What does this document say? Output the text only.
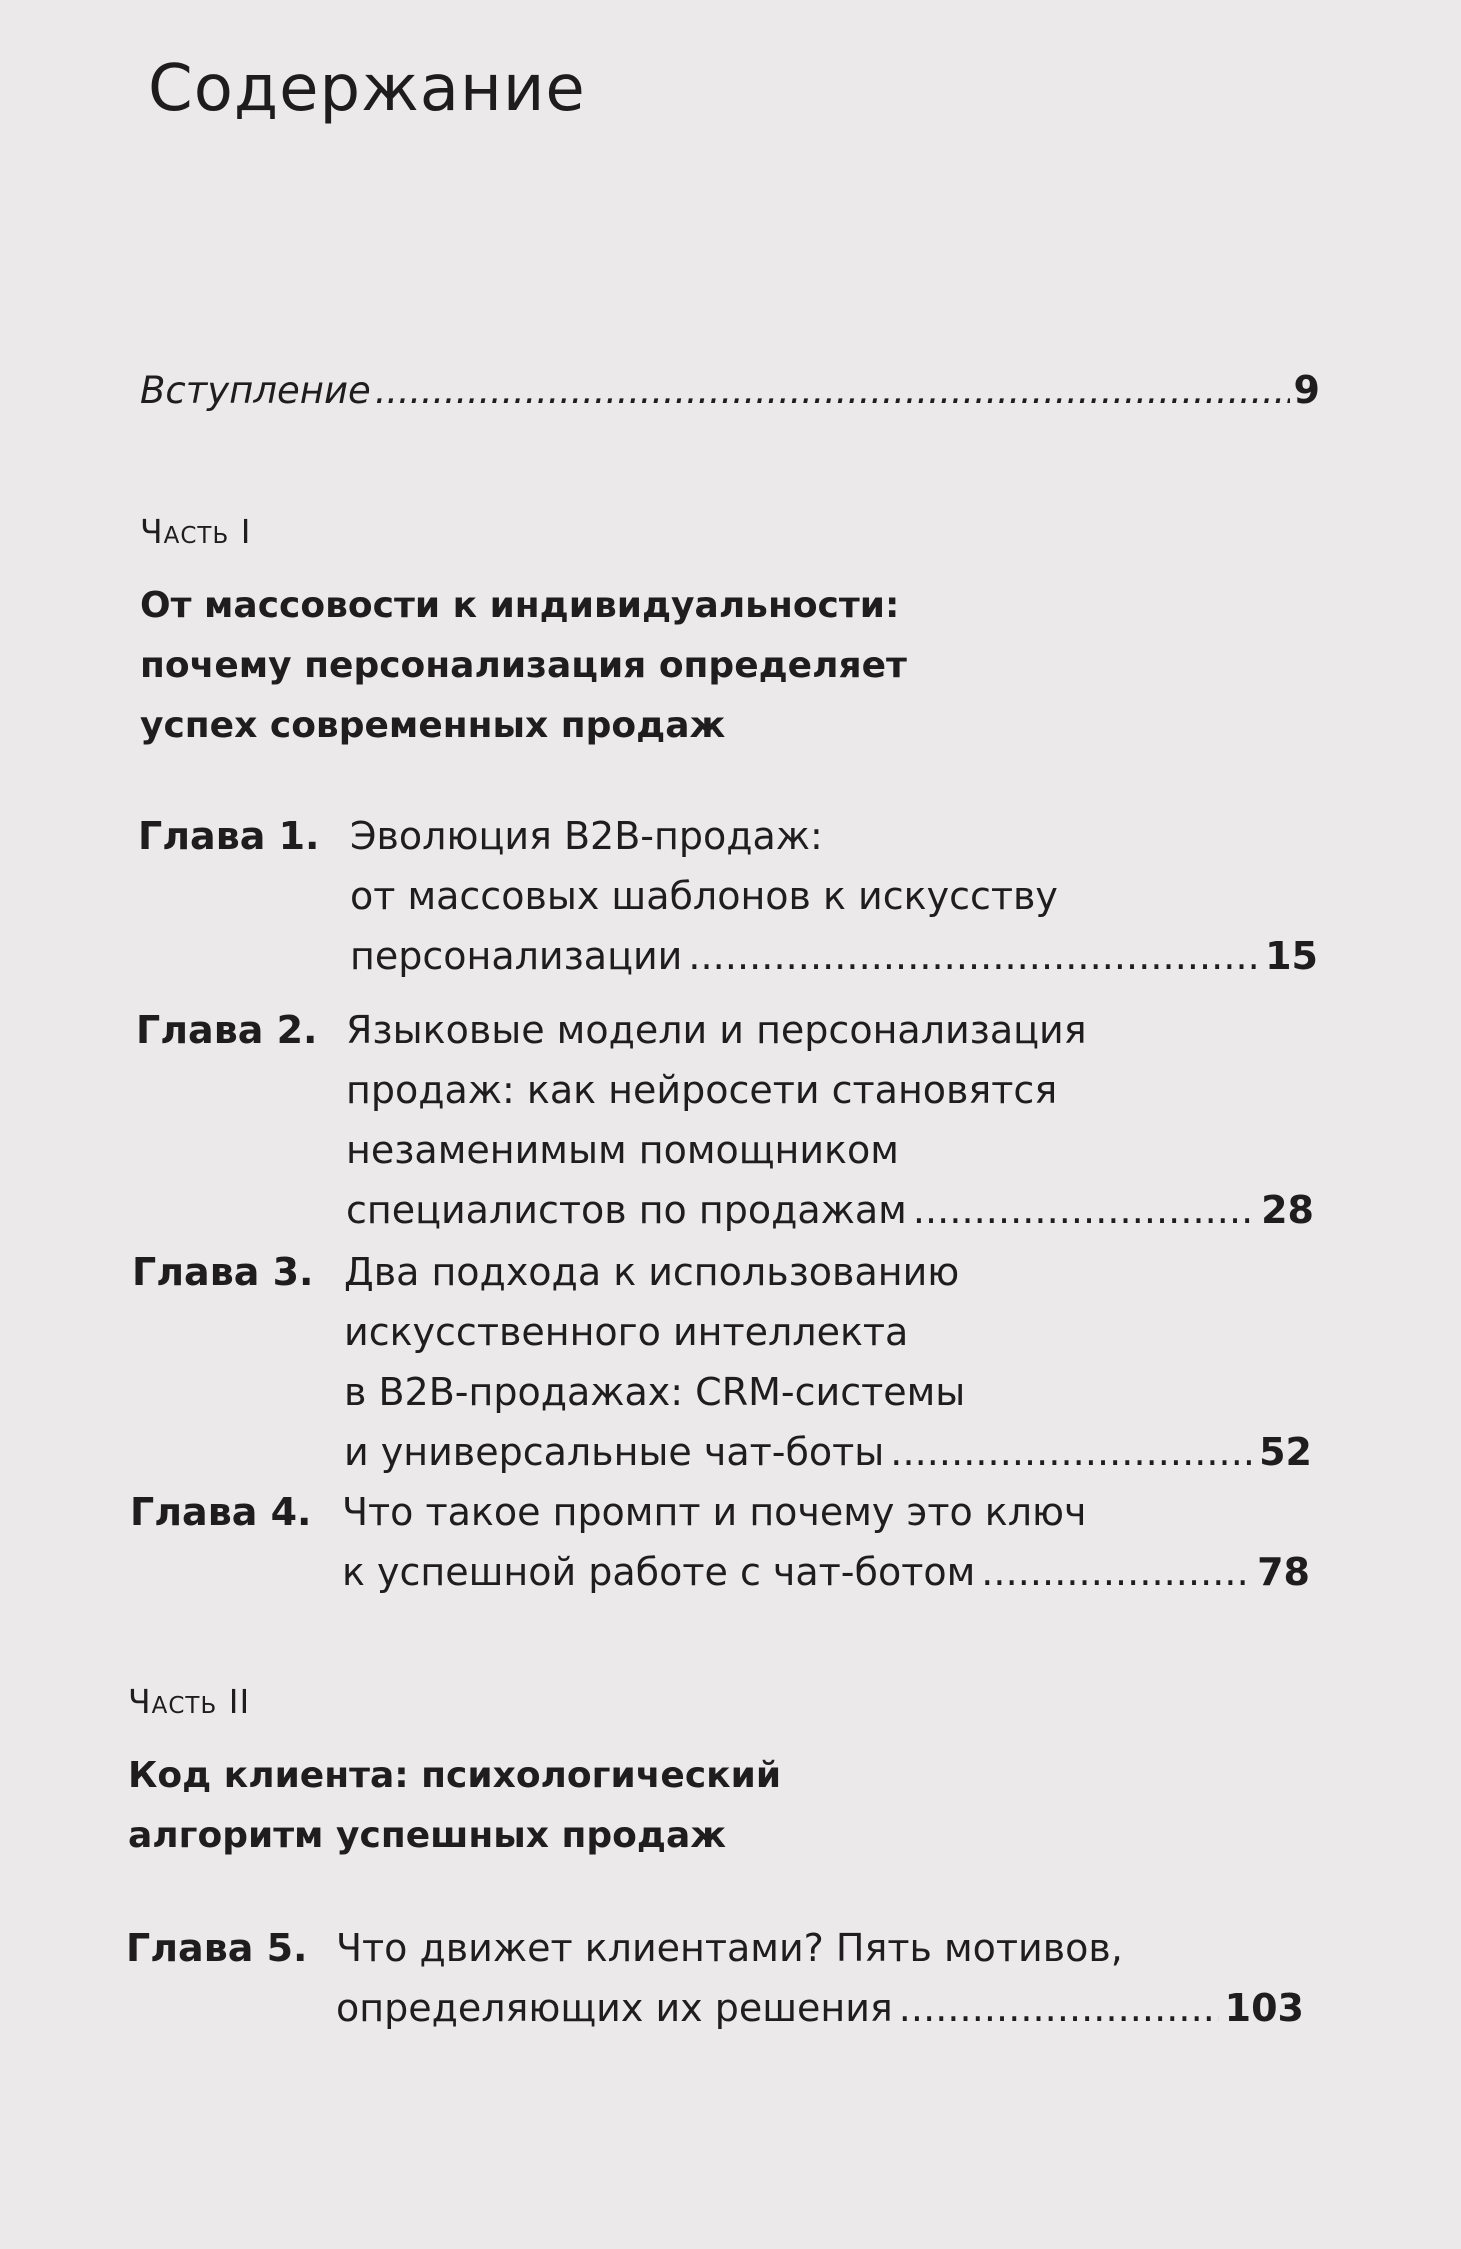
Содержание
Вступление . . .	9
Часть I
От массовости к индивидуальности:
почему персонализация определяет
успех современных продаж
Глава 1. Эволюция B2B-продаж:
от массовых шаблонов к искусству
персонализации . . .	15
Глава 2. Языковые модели и персонализация
продаж: как нейросети становятся
незаменимым помощником
специалистов по продажам . . .	28
Глава 3. Два подхода к использованию
искусственного интеллекта
в B2B-продажах: CRM-системы
и универсальные чат-боты . . .	52
Глава 4. Что такое промпт и почему это ключ
к успешной работе с чат-ботом . . .	78
Часть II
Код клиента: психологический
алгоритм успешных продаж
Глава 5. Что движет клиентами? Пять мотивов,
определяющих их решения . . .	103
